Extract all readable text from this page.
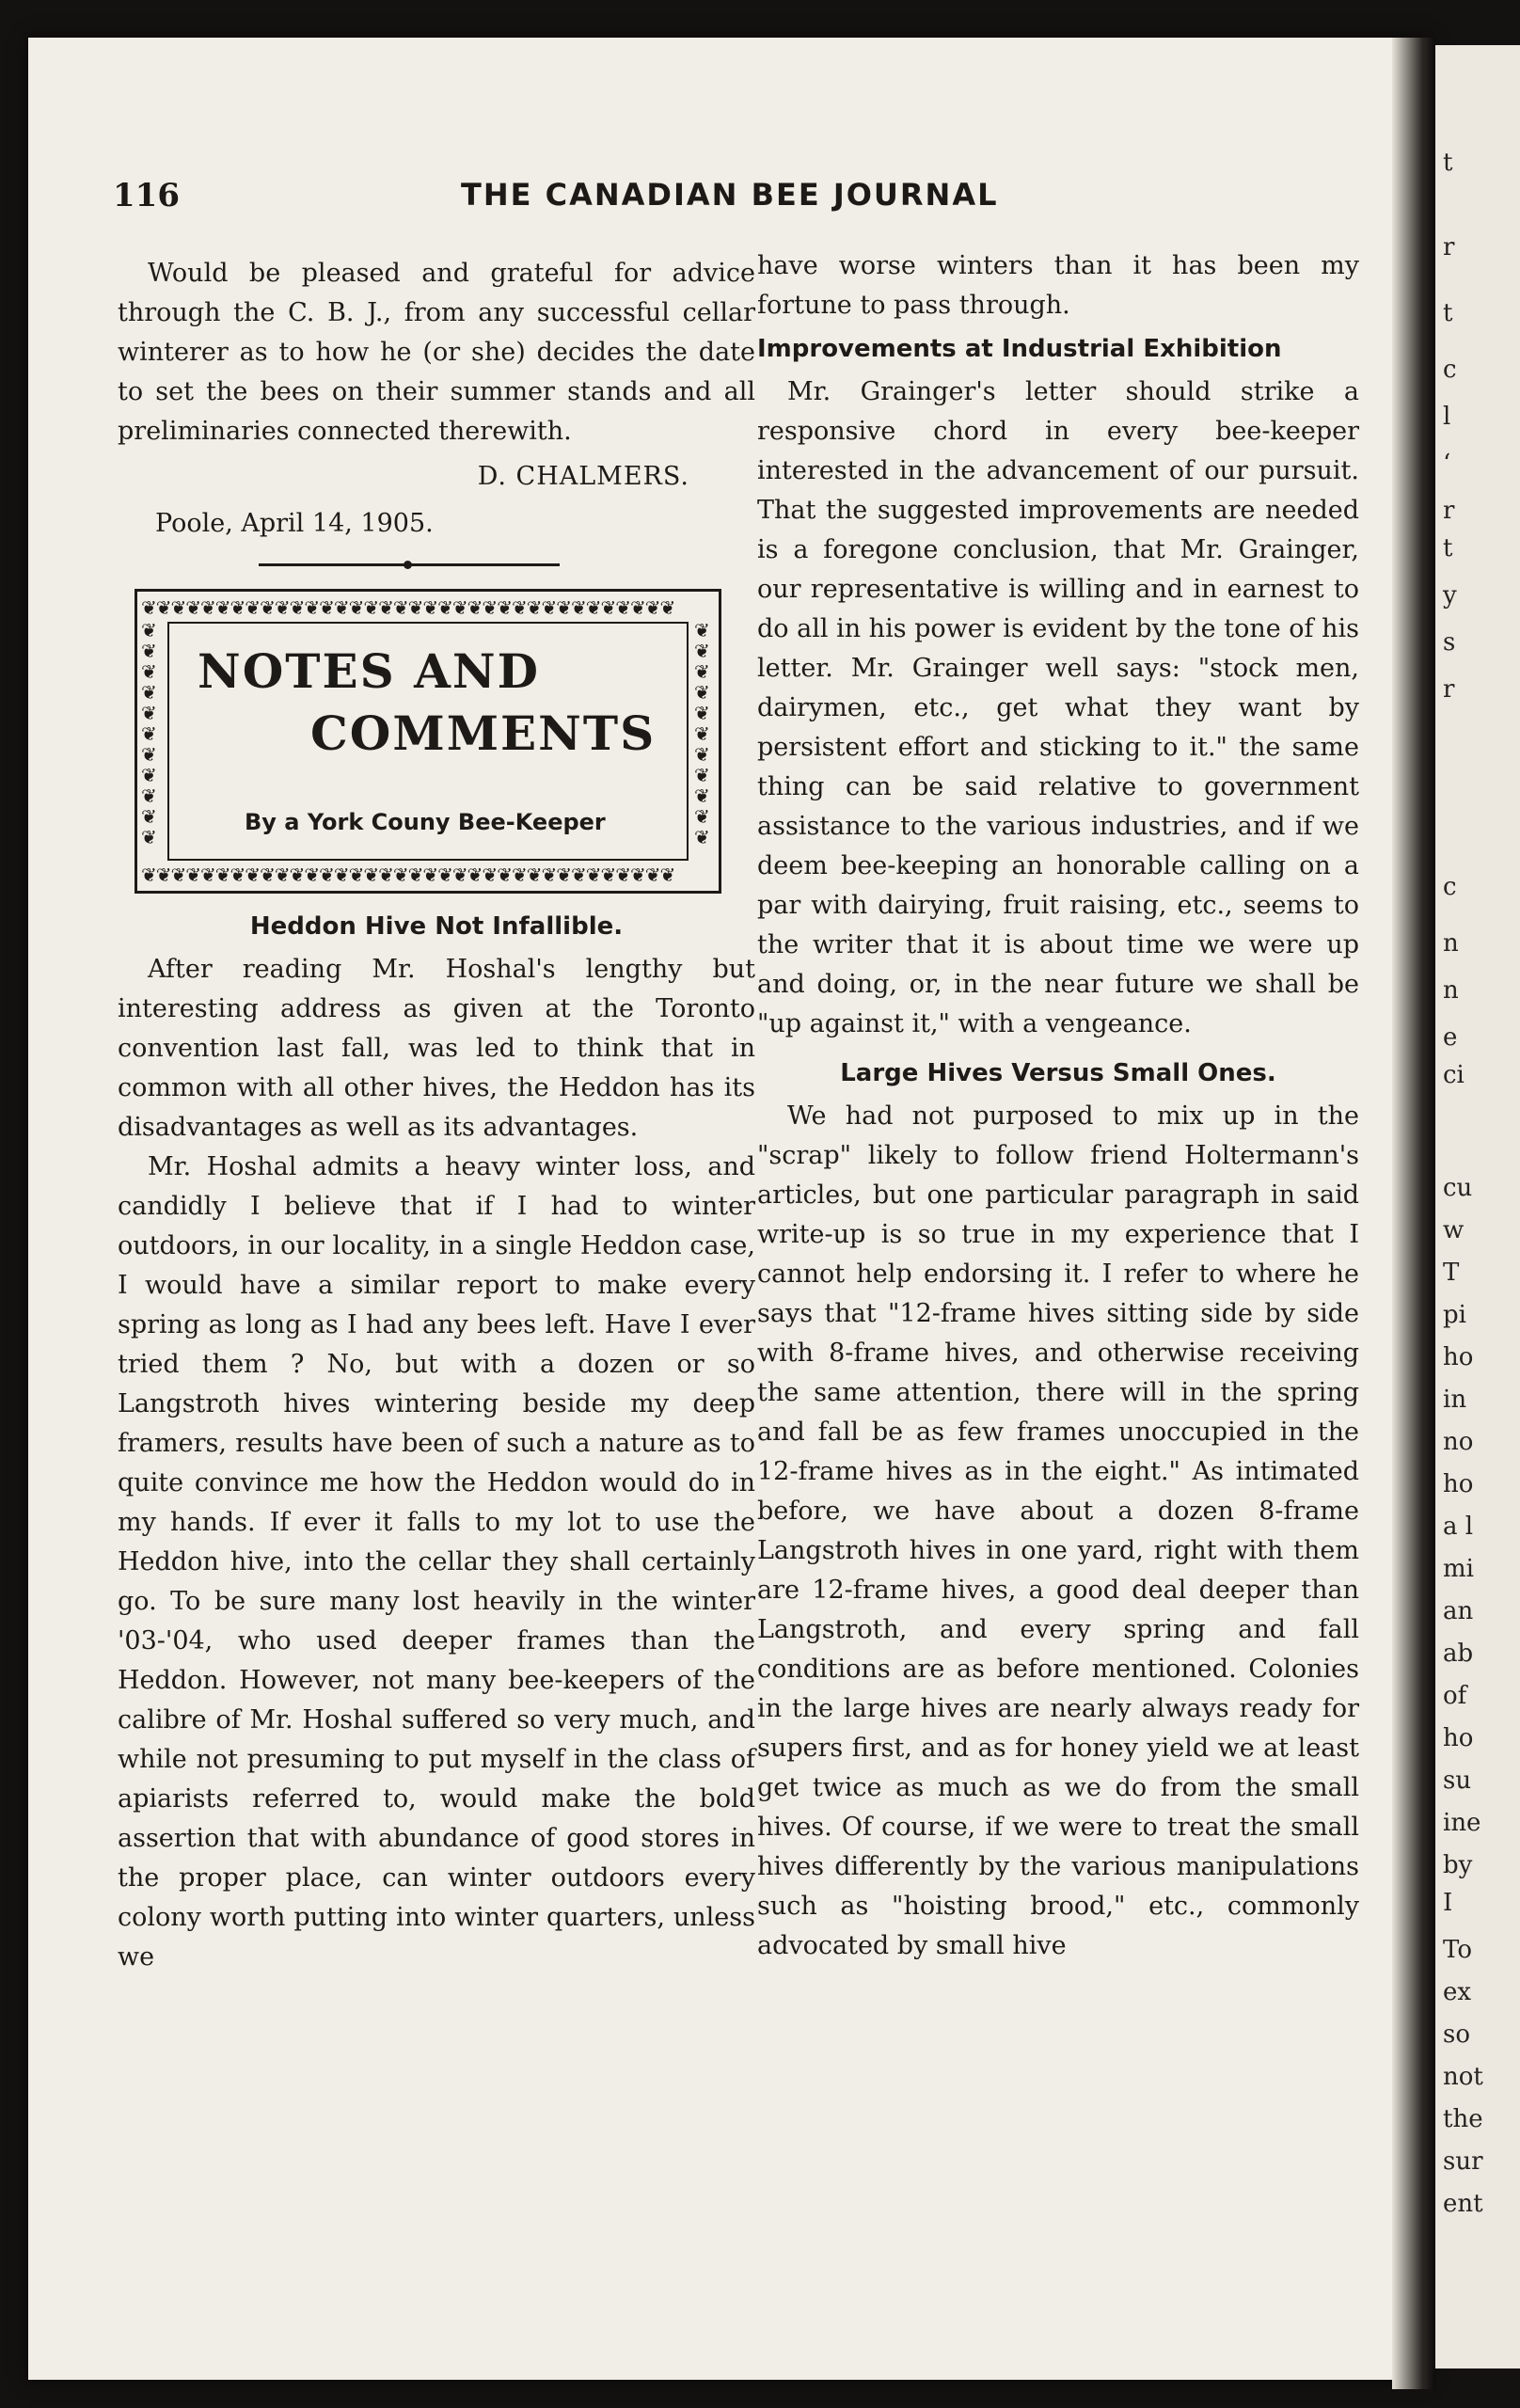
t
r
t
c
l
‘
r
t
y
s
r
c
n
n
e
ci
cu
w
T
pi
ho
in
no
ho
a l
mi
an
ab
of
ho
su
ine
by
I
To
ex
so
not
the
sur
ent
116	THE CANADIAN BEE JOURNAL

Would be pleased and grateful for advice through the C. B. J., from any successful cellar winterer as to how he (or she) decides the date to set the bees on their summer stands and all preliminaries connected therewith.

D. CHALMERS.
Poole, April 14, 1905.
❦❦❦❦❦❦❦❦❦❦❦❦❦❦❦❦❦❦❦❦❦❦❦❦❦❦❦❦❦❦❦❦❦❦❦❦
❦❦❦❦❦❦❦❦❦❦❦❦❦❦❦❦❦❦❦❦❦❦❦❦❦❦❦❦❦❦❦❦❦❦❦❦
❦ ❦ ❦ ❦ ❦ ❦ ❦ ❦ ❦ ❦ ❦
❦ ❦ ❦ ❦ ❦ ❦ ❦ ❦ ❦ ❦ ❦
NOTES AND
COMMENTS
By a York Couny Bee-Keeper
Heddon Hive Not Infallible.

After reading Mr. Hoshal's lengthy but interesting address as given at the Toronto convention last fall, was led to think that in common with all other hives, the Heddon has its disadvantages as well as its advantages.

Mr. Hoshal admits a heavy winter loss, and candidly I believe that if I had to winter outdoors, in our locality, in a single Heddon case, I would have a similar report to make every spring as long as I had any bees left. Have I ever tried them ? No, but with a dozen or so Langstroth hives wintering beside my deep framers, results have been of such a nature as to quite convince me how the Heddon would do in my hands. If ever it falls to my lot to use the Heddon hive, into the cellar they shall certainly go. To be sure many lost heavily in the winter '03-'04, who used deeper frames than the Heddon. However, not many bee-keepers of the calibre of Mr. Hoshal suffered so very much, and while not presuming to put myself in the class of apiarists referred to, would make the bold assertion that with abundance of good stores in the proper place, can winter outdoors every colony worth putting into winter quarters, unless we

have worse winters than it has been my fortune to pass through.

Improvements at Industrial Exhibition

Mr. Grainger's letter should strike a responsive chord in every bee-keeper interested in the advancement of our pursuit. That the suggested improvements are needed is a foregone conclusion, that Mr. Grainger, our representative is willing and in earnest to do all in his power is evident by the tone of his letter. Mr. Grainger well says: "stock men, dairymen, etc., get what they want by persistent effort and sticking to it." the same thing can be said relative to government assistance to the various industries, and if we deem bee-keeping an honorable calling on a par with dairying, fruit raising, etc., seems to the writer that it is about time we were up and doing, or, in the near future we shall be "up against it," with a vengeance.

Large Hives Versus Small Ones.

We had not purposed to mix up in the "scrap" likely to follow friend Holtermann's articles, but one particular paragraph in said write-up is so true in my experience that I cannot help endorsing it. I refer to where he says that "12-frame hives sitting side by side with 8-frame hives, and otherwise receiving the same attention, there will in the spring and fall be as few frames unoccupied in the 12-frame hives as in the eight." As intimated before, we have about a dozen 8-frame Langstroth hives in one yard, right with them are 12-frame hives, a good deal deeper than Langstroth, and every spring and fall conditions are as before mentioned. Colonies in the large hives are nearly always ready for supers first, and as for honey yield we at least get twice as much as we do from the small hives. Of course, if we were to treat the small hives differently by the various manipulations such as "hoisting brood," etc., commonly advocated by small hive
